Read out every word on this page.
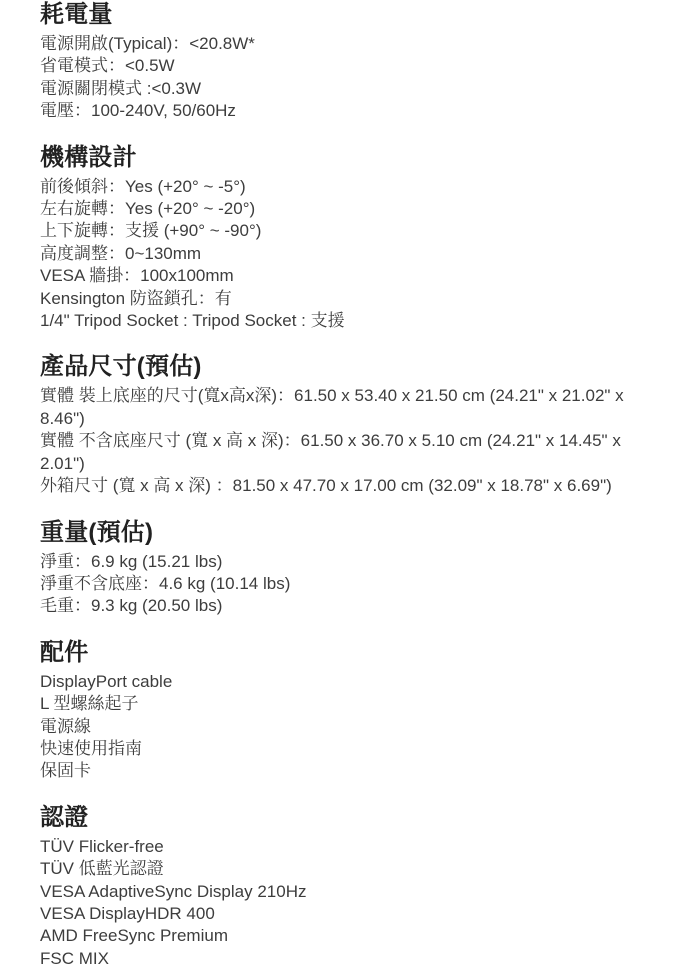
耗電量

電源開啟(Typical)：<20.8W*

省電模式：<0.5W

電源關閉模式 :<0.3W

電壓：100-240V, 50/60Hz

機構設計

前後傾斜：Yes (+20° ~ -5°)

左右旋轉：Yes (+20° ~ -20°)

上下旋轉：支援 (+90° ~ -90°)

高度調整：0~130mm

VESA 牆掛：100x100mm

Kensington 防盜鎖孔：有

1/4" Tripod Socket : Tripod Socket : 支援

產品尺寸(預估)

實體 裝上底座的尺寸(寬x高x深)：61.50 x 53.40 x 21.50 cm (24.21" x 21.02" x 8.46")

實體 不含底座尺寸 (寬 x 高 x 深)：61.50 x 36.70 x 5.10 cm (24.21" x 14.45" x 2.01")

外箱尺寸 (寬 x 高 x 深) ：81.50 x 47.70 x 17.00 cm (32.09" x 18.78" x 6.69")

重量(預估)

淨重：6.9 kg (15.21 lbs)

淨重不含底座：4.6 kg (10.14 lbs)

毛重：9.3 kg (20.50 lbs)

配件

DisplayPort cable

L 型螺絲起子

電源線

快速使用指南

保固卡

認證

TÜV Flicker-free

TÜV 低藍光認證

VESA AdaptiveSync Display 210Hz

VESA DisplayHDR 400

AMD FreeSync Premium

FSC MIX
